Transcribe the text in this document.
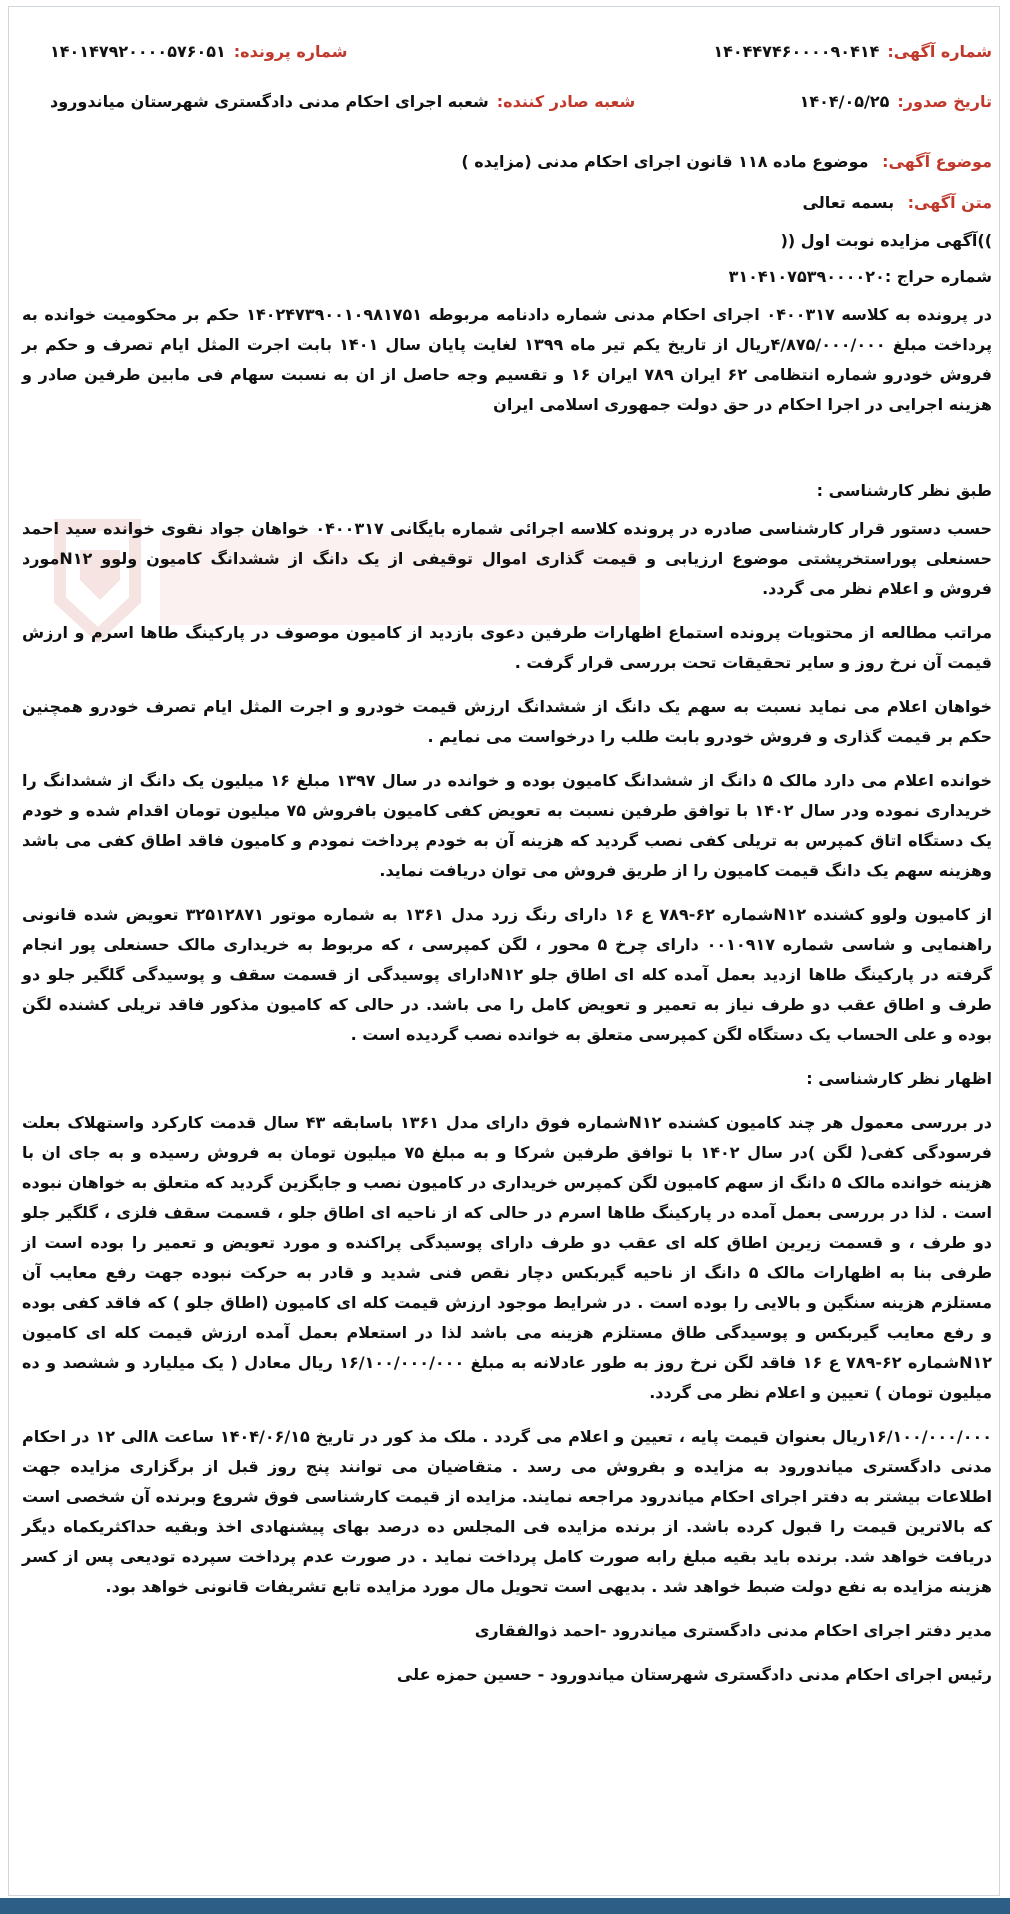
شماره آگهی:
۱۴۰۴۴۷۴۶۰۰۰۰۹۰۴۱۴
شماره پرونده:
۱۴۰۱۴۷۹۲۰۰۰۰۵۷۶۰۵۱
تاریخ صدور:
۱۴۰۴/۰۵/۲۵
شعبه صادر کننده:
شعبه اجرای احکام مدنی دادگستری شهرستان میاندورود
موضوع آگهی: موضوع ماده ۱۱۸ قانون اجرای احکام مدنی (مزایده )
متن آگهی: بسمه تعالی
))آگهی مزایده نوبت اول ((
شماره حراج :۳۱۰۴۱۰۷۵۳۹۰۰۰۰۲۰

در پرونده به کلاسه ۰۴۰۰۳۱۷ اجرای احکام مدنی شماره دادنامه مربوطه ۱۴۰۲۴۷۳۹۰۰۱۰۹۸۱۷۵۱ حکم بر محکومیت خوانده به پرداخت مبلغ ۴/۸۷۵/۰۰۰/۰۰۰ریال از تاریخ یکم تیر ماه ۱۳۹۹ لغایت پایان سال ۱۴۰۱ بابت اجرت المثل ایام تصرف و حکم بر فروش خودرو شماره انتظامی ۶۲ ایران ۷۸۹ ایران ۱۶ و تقسیم وجه حاصل از ان به نسبت سهام فی مابین طرفین صادر و هزینه اجرایی در اجرا احکام در حق دولت جمهوری اسلامی ایران

طبق نظر کارشناسی :

حسب دستور قرار کارشناسی صادره در پرونده کلاسه اجرائی شماره بایگانی ۰۴۰۰۳۱۷ خواهان جواد نقوی خوانده سید احمد حسنعلی پوراستخرپشتی موضوع ارزیابی و قیمت گذاری اموال توقیفی از یک دانگ از ششدانگ کامیون ولوو N۱۲مورد فروش و اعلام نظر می گردد.

مراتب مطالعه از محتویات پرونده استماع اظهارات طرفین دعوی بازدید از کامیون موصوف در پارکینگ طاها اسرم و ارزش قیمت آن نرخ روز و سایر تحقیقات تحت بررسی قرار گرفت .

خواهان اعلام می نماید نسبت به سهم یک دانگ از ششدانگ ارزش قیمت خودرو و اجرت المثل ایام تصرف خودرو همچنین حکم بر قیمت گذاری و فروش خودرو بابت طلب را درخواست می نمایم .

خوانده اعلام می دارد مالک ۵ دانگ از ششدانگ کامیون بوده و خوانده در سال ۱۳۹۷ مبلغ ۱۶ میلیون یک دانگ از ششدانگ را خریداری نموده ودر سال ۱۴۰۲ با توافق طرفین نسبت به تعویض کفی کامیون بافروش ۷۵ میلیون تومان اقدام شده و خودم یک دستگاه اتاق کمپرس به تریلی کفی نصب گردید که هزینه آن به خودم پرداخت نمودم و کامیون فاقد اطاق کفی می باشد وهزینه سهم یک دانگ قیمت کامیون را از طریق فروش می توان دریافت نماید.

از کامیون ولوو کشنده N۱۲شماره ۶۲-۷۸۹ ع ۱۶ دارای رنگ زرد مدل ۱۳۶۱ به شماره موتور ۳۲۵۱۲۸۷۱ تعویض شده قانونی راهنمایی و شاسی شماره ۰۰۱۰۹۱۷ دارای چرخ ۵ محور ، لگن کمپرسی ، که مربوط به خریداری مالک حسنعلی پور انجام گرفته در پارکینگ طاها ازدید بعمل آمده کله ای اطاق جلو N۱۲دارای پوسیدگی از قسمت سقف و پوسیدگی گلگیر جلو دو طرف و اطاق عقب دو طرف نیاز به تعمیر و تعویض کامل را می باشد. در حالی که کامیون مذکور فاقد تریلی کشنده لگن بوده و علی الحساب یک دستگاه لگن کمپرسی متعلق به خوانده نصب گردیده است .

اظهار نظر کارشناسی :

در بررسی معمول هر چند کامیون کشنده N۱۲شماره فوق دارای مدل ۱۳۶۱ باسابقه ۴۳ سال قدمت کارکرد واستهلاک بعلت فرسودگی کفی( لگن )در سال ۱۴۰۲ با توافق طرفین شرکا و به مبلغ ۷۵ میلیون تومان به فروش رسیده و به جای ان با هزینه خوانده مالک ۵ دانگ از سهم کامیون لگن کمپرس خریداری در کامیون نصب و جایگزین گردید که متعلق به خواهان نبوده است . لذا در بررسی بعمل آمده در پارکینگ طاها اسرم در حالی که از ناحیه ای اطاق جلو ، قسمت سقف فلزی ، گلگیر جلو دو طرف ، و قسمت زیرین اطاق کله ای عقب دو طرف دارای پوسیدگی پراکنده و مورد تعویض و تعمیر را بوده است از طرفی بنا به اظهارات مالک ۵ دانگ از ناحیه گیربکس دچار نقص فنی شدید و قادر به حرکت نبوده جهت رفع معایب آن مستلزم هزینه سنگین و بالایی را بوده است . در شرایط موجود ارزش قیمت کله ای کامیون (اطاق جلو ) که فاقد کفی بوده و رفع معایب گیربکس و پوسیدگی طاق مستلزم هزینه می باشد لذا در استعلام بعمل آمده ارزش قیمت کله ای کامیون N۱۲شماره ۶۲-۷۸۹ ع ۱۶ فاقد لگن نرخ روز به طور عادلانه به مبلغ ۱۶/۱۰۰/۰۰۰/۰۰۰ ریال معادل ( یک میلیارد و ششصد و ده میلیون تومان ) تعیین و اعلام نظر می گردد.

۱۶/۱۰۰/۰۰۰/۰۰۰ریال بعنوان قیمت پایه ، تعیین و اعلام می گردد . ملک مذ کور در تاریخ ۱۴۰۴/۰۶/۱۵ ساعت ۸الی ۱۲ در احکام مدنی دادگستری میاندورود به مزایده و بفروش می رسد . متقاضیان می توانند پنج روز قبل از برگزاری مزایده جهت اطلاعات بیشتر به دفتر اجرای احکام میاندرود مراجعه نمایند. مزایده از قیمت کارشناسی فوق شروع وبرنده آن شخصی است که بالاترین قیمت را قبول کرده باشد. از برنده مزایده فی المجلس ده درصد بهای پیشنهادی اخذ وبقیه حداکثریکماه دیگر دریافت خواهد شد. برنده باید بقیه مبلغ رابه صورت کامل پرداخت نماید . در صورت عدم پرداخت سپرده تودیعی پس از کسر هزینه مزایده به نفع دولت ضبط خواهد شد . بدیهی است تحویل مال مورد مزایده تابع تشریفات قانونی خواهد بود.

مدیر دفتر اجرای احکام مدنی دادگستری میاندرود -احمد ذوالفقاری
رئیس اجرای احکام مدنی دادگستری شهرستان میاندورود - حسین حمزه علی
